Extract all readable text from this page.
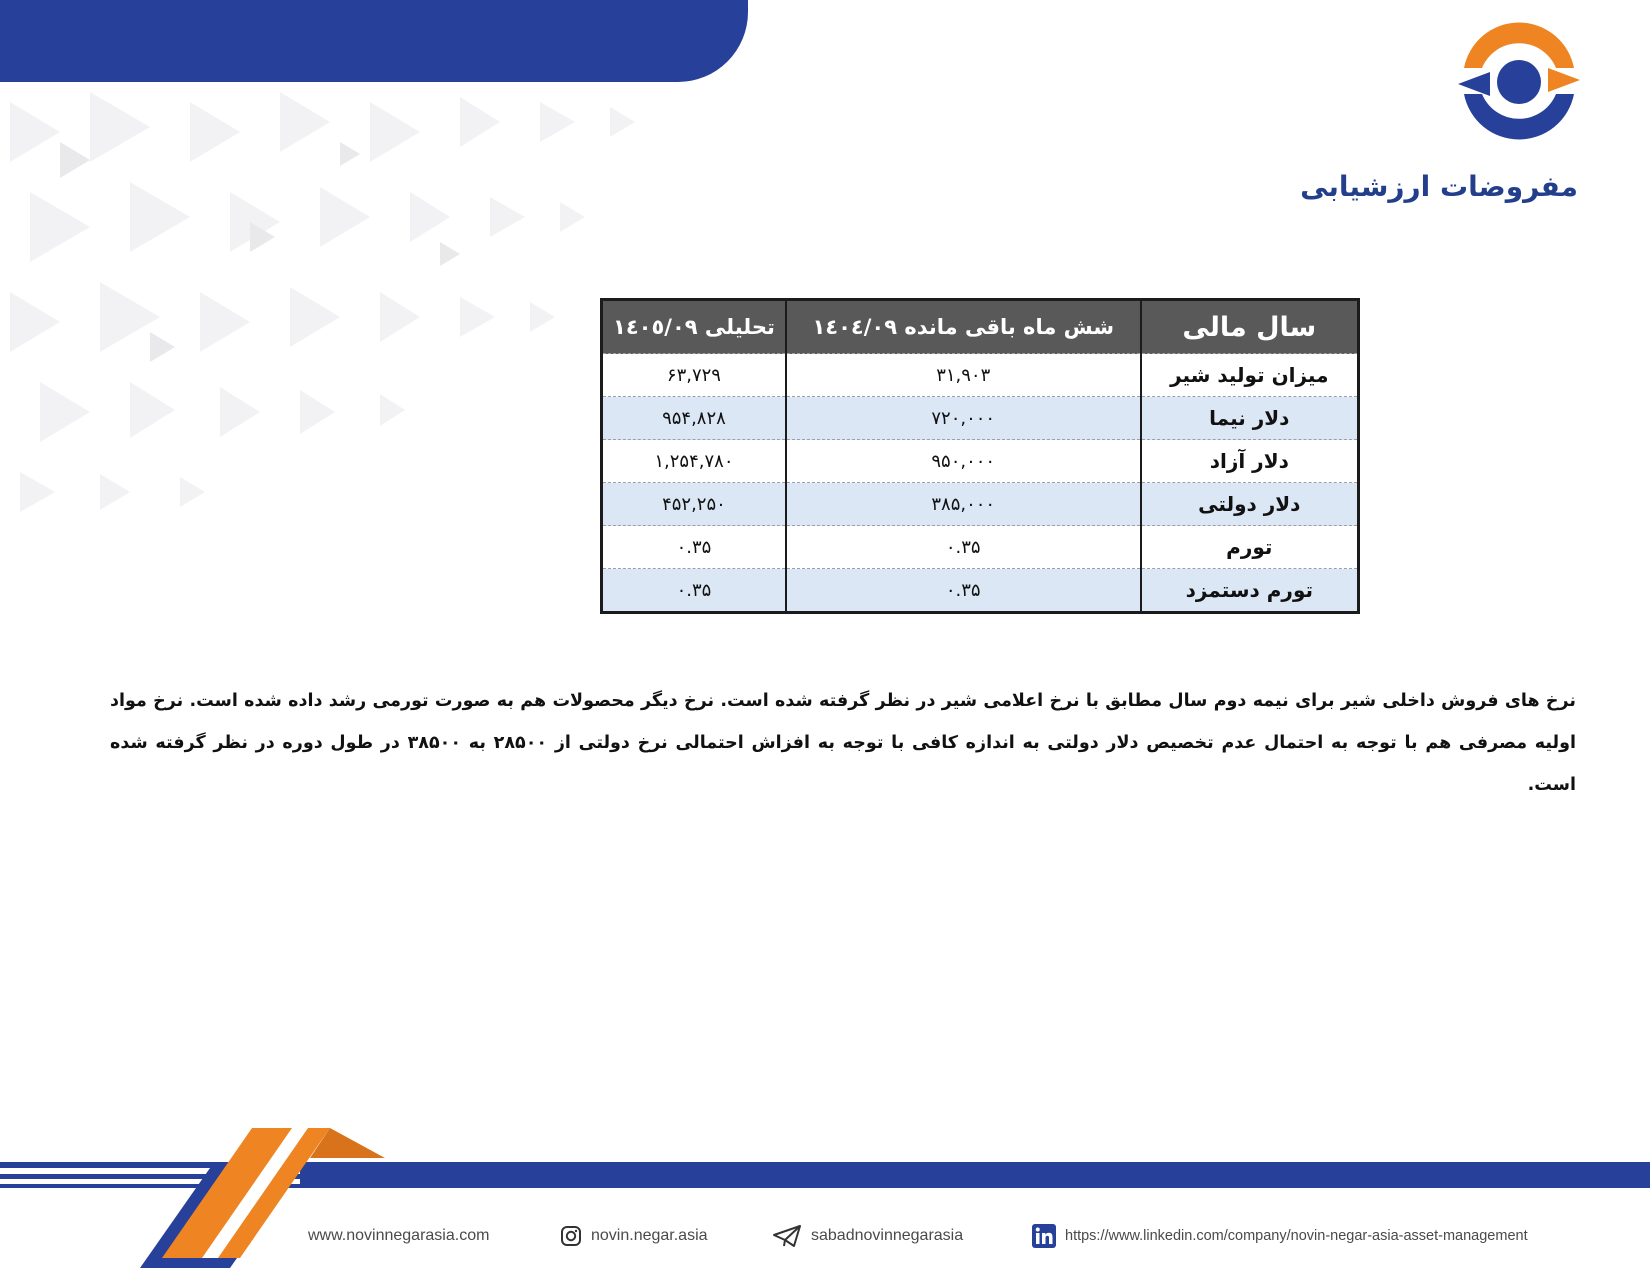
مفروضات ارزشیابی
سال مالی	شش ماه باقی مانده ۱٤٠٤/٠٩	تحلیلی ۱٤٠٥/٠٩
میزان تولید شیر	۳۱,۹۰۳	۶۳,۷۲۹
دلار نیما	۷۲۰,۰۰۰	۹۵۴,۸۲۸
دلار آزاد	۹۵۰,۰۰۰	۱,۲۵۴,۷۸۰
دلار دولتی	۳۸۵,۰۰۰	۴۵۲,۲۵۰
تورم	۰.۳۵	۰.۳۵
تورم دستمزد	۰.۳۵	۰.۳۵

نرخ های فروش داخلی شیر برای نیمه دوم سال مطابق با نرخ اعلامی شیر در نظر گرفته شده است. نرخ دیگر محصولات هم به صورت تورمی رشد داده شده است. نرخ مواد اولیه مصرفی هم با توجه به احتمال عدم تخصیص دلار دولتی به اندازه کافی با توجه به افزاش احتمالی نرخ دولتی از ۲۸۵۰۰ به ۳۸۵۰۰ در طول دوره در نظر گرفته شده است.

www.novinnegarasia.com	novin.negar.asia	sabadnovinnegarasia	https://www.linkedin.com/company/novin-negar-asia-asset-management
